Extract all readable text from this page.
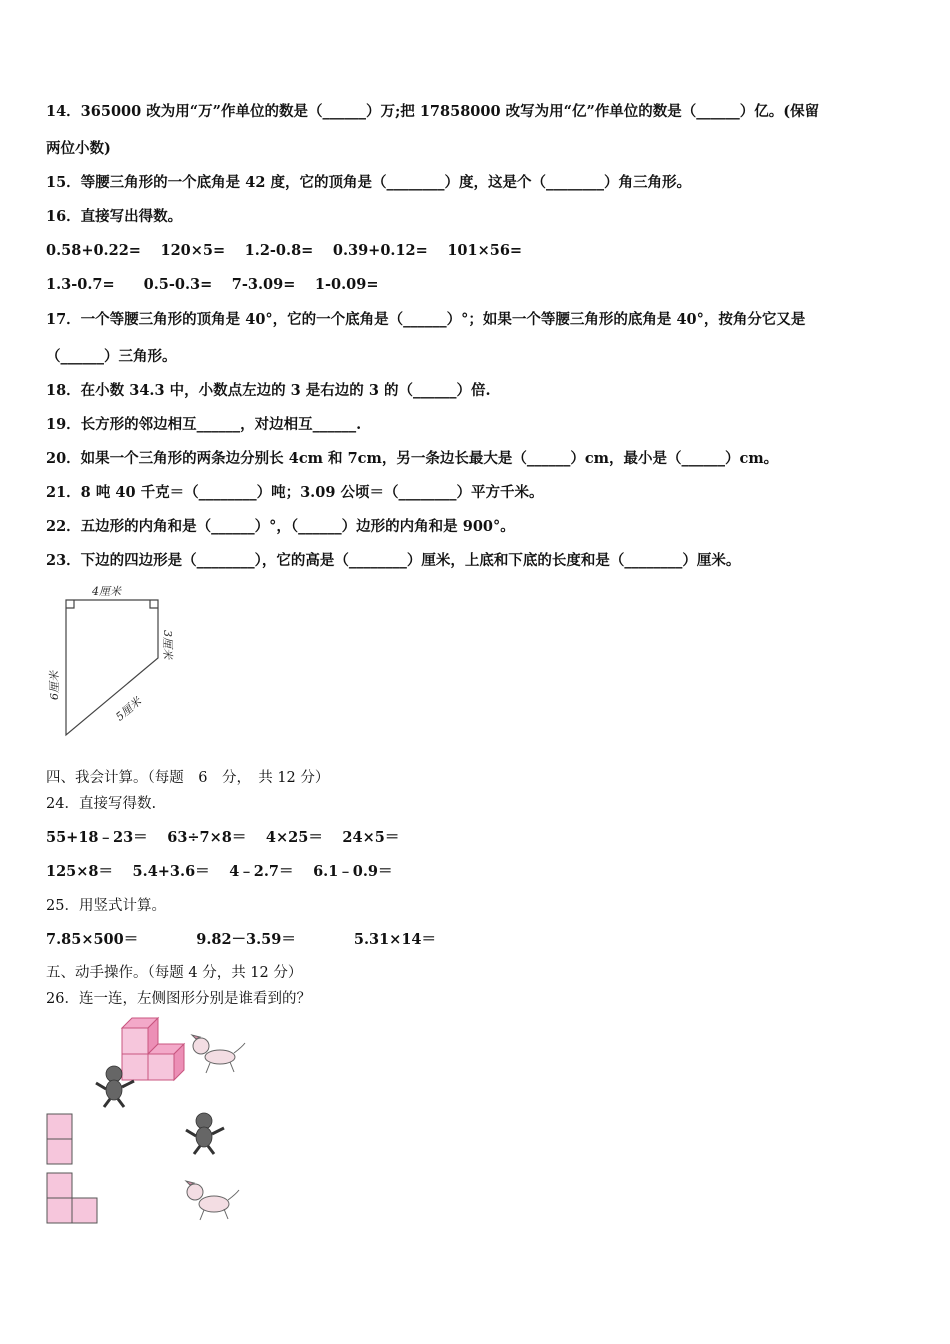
14．365000 改为用“万”作单位的数是（______）万;把 17858000 改写为用“亿”作单位的数是（______）亿。(保留
两位小数)
15．等腰三角形的一个底角是 42 度，它的顶角是（________）度，这是个（________）角三角形。
16．直接写出得数。
0.58+0.22=　 120×5=　 1.2-0.8=　 0.39+0.12=　 101×56=
1.3-0.7=　　0.5-0.3=　 7-3.09=　 1-0.09=
17．一个等腰三角形的顶角是 40°，它的一个底角是（______）°；如果一个等腰三角形的底角是 40°，按角分它又是
（______）三角形。
18．在小数 34.3 中，小数点左边的 3 是右边的 3 的（______）倍.
19．长方形的邻边相互______，对边相互______.
20．如果一个三角形的两条边分别长 4cm 和 7cm，另一条边长最大是（______）cm，最小是（______）cm。
21．8 吨 40 千克＝（________）吨；3.09 公顷＝（________）平方千米。
22．五边形的内角和是（______）°，（______）边形的内角和是 900°。
23．下边的四边形是（________），它的高是（________）厘米，上底和下底的长度和是（________）厘米。
4厘米
3厘米
6厘米
5厘米
四、我会计算。（每题　6　分，　共 12 分）
24．直接写得数.
55+18﹣23＝　 63÷7×8＝　 4×25＝　 24×5＝
125×8＝　 5.4+3.6＝　 4﹣2.7＝　 6.1﹣0.9＝
25．用竖式计算。
7.85×500＝　　　　9.82－3.59＝　　　　5.31×14＝
五、动手操作。（每题 4 分，共 12 分）
26．连一连，左侧图形分别是谁看到的？
